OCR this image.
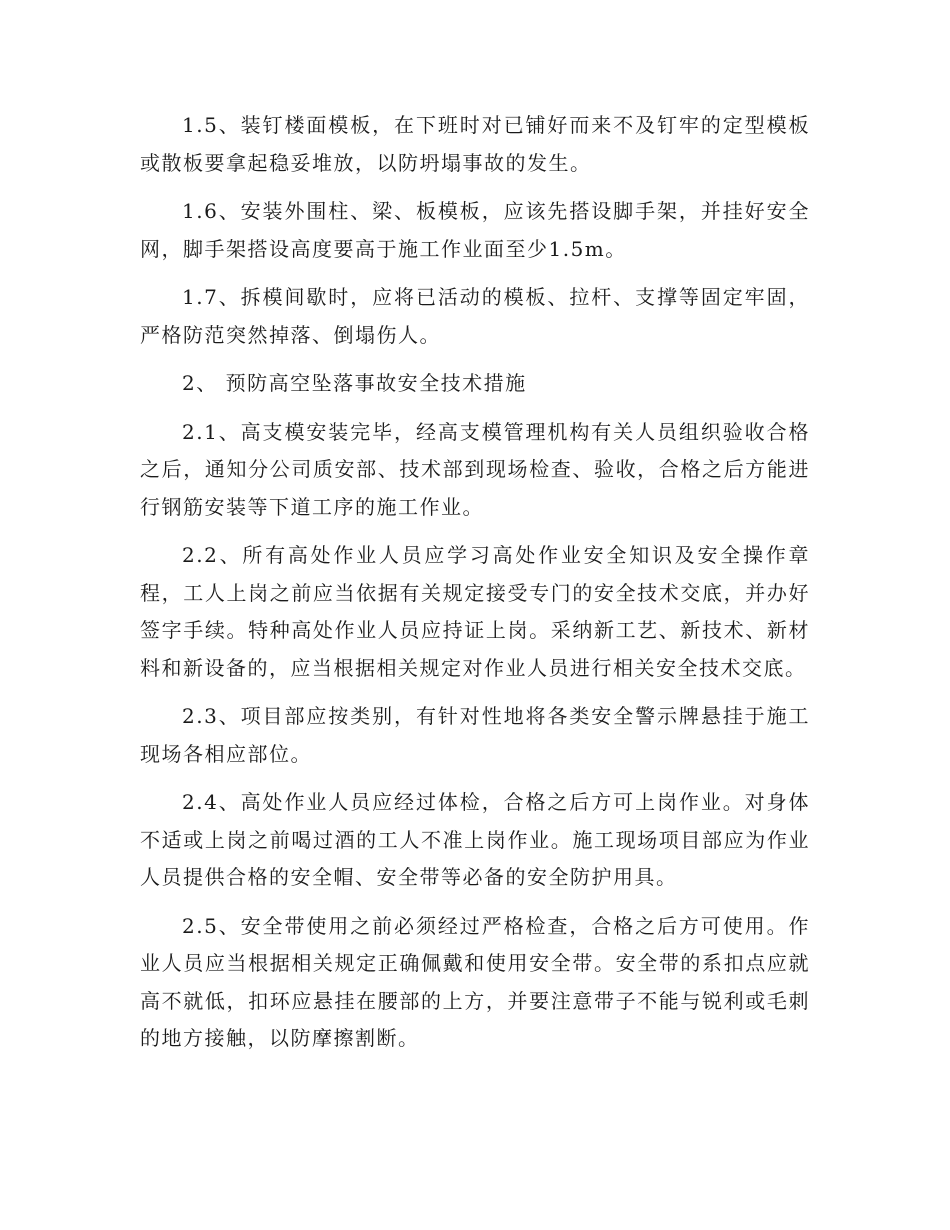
1.5、装钉楼面模板，在下班时对已铺好而来不及钉牢的定型模板或散板要拿起稳妥堆放，以防坍塌事故的发生。

1.6、安装外围柱、梁、板模板，应该先搭设脚手架，并挂好安全网，脚手架搭设高度要高于施工作业面至少1.5m。

1.7、拆模间歇时，应将已活动的模板、拉杆、支撑等固定牢固，严格防范突然掉落、倒塌伤人。

2、 预防高空坠落事故安全技术措施

2.1、高支模安装完毕，经高支模管理机构有关人员组织验收合格之后，通知分公司质安部、技术部到现场检查、验收，合格之后方能进行钢筋安装等下道工序的施工作业。

2.2、所有高处作业人员应学习高处作业安全知识及安全操作章程，工人上岗之前应当依据有关规定接受专门的安全技术交底，并办好签字手续。特种高处作业人员应持证上岗。采纳新工艺、新技术、新材料和新设备的，应当根据相关规定对作业人员进行相关安全技术交底。

2.3、项目部应按类别，有针对性地将各类安全警示牌悬挂于施工现场各相应部位。

2.4、高处作业人员应经过体检，合格之后方可上岗作业。对身体不适或上岗之前喝过酒的工人不准上岗作业。施工现场项目部应为作业人员提供合格的安全帽、安全带等必备的安全防护用具。

2.5、安全带使用之前必须经过严格检查，合格之后方可使用。作业人员应当根据相关规定正确佩戴和使用安全带。安全带的系扣点应就高不就低，扣环应悬挂在腰部的上方，并要注意带子不能与锐利或毛刺的地方接触，以防摩擦割断。
